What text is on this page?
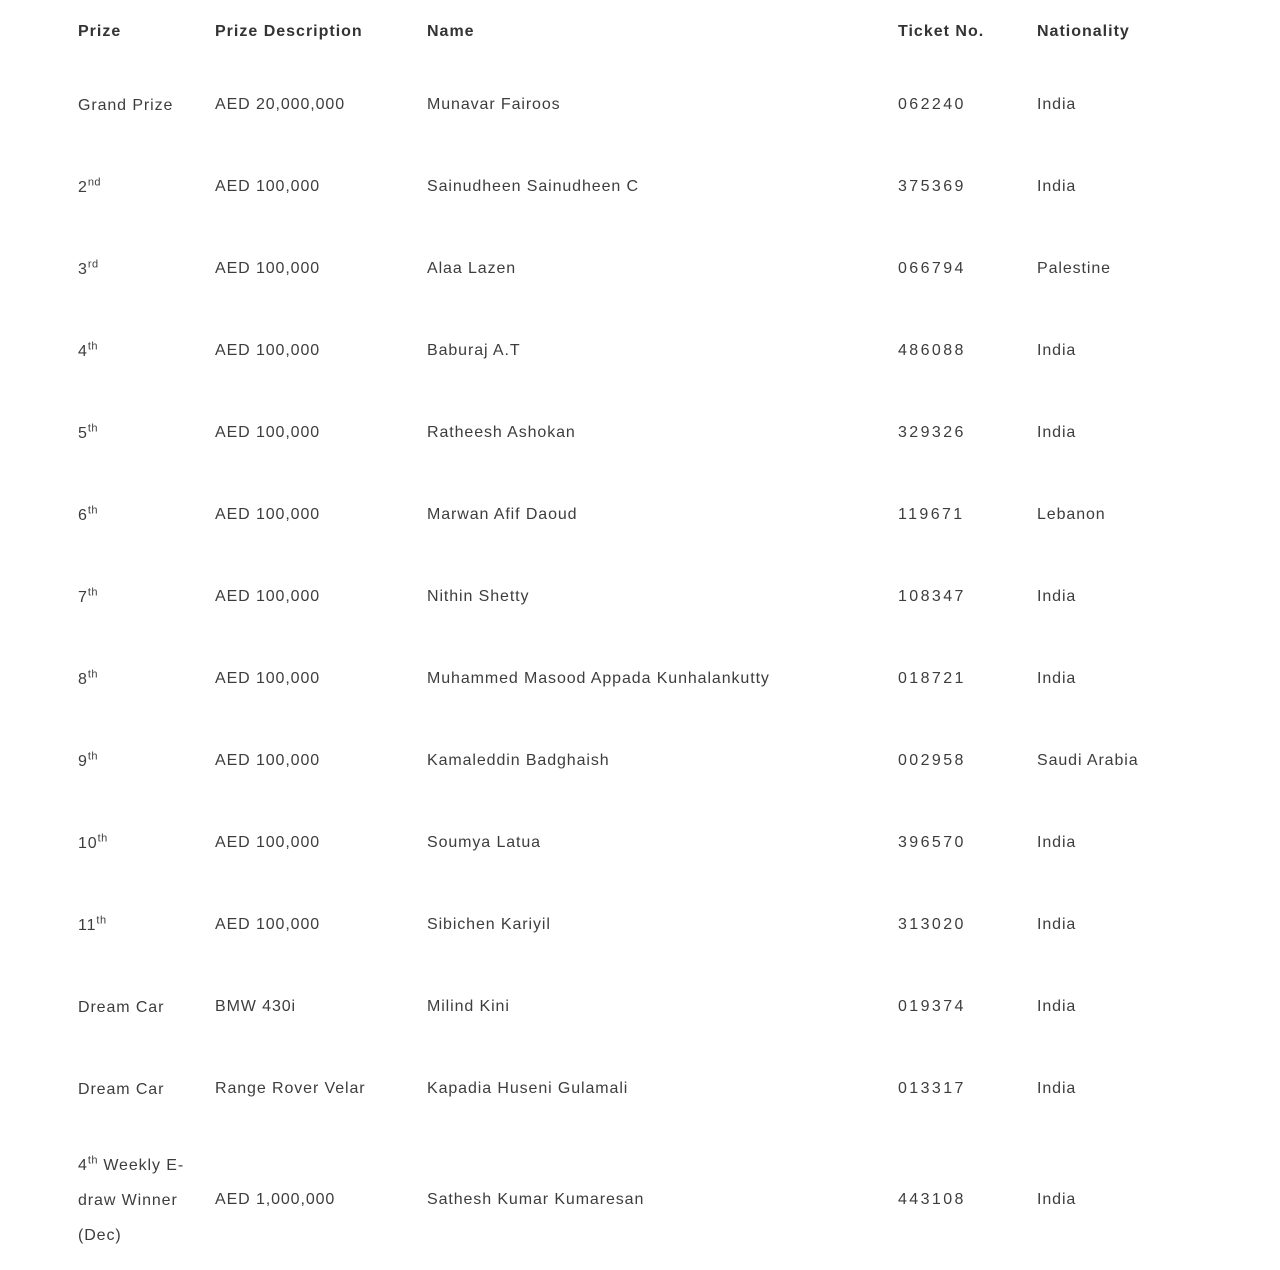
Prize	Prize Description	Name	Ticket No.	Nationality
Grand Prize	AED 20,000,000	Munavar Fairoos	062240	India
2nd	AED 100,000	Sainudheen Sainudheen C	375369	India
3rd	AED 100,000	Alaa Lazen	066794	Palestine
4th	AED 100,000	Baburaj A.T	486088	India
5th	AED 100,000	Ratheesh Ashokan	329326	India
6th	AED 100,000	Marwan Afif Daoud	119671	Lebanon
7th	AED 100,000	Nithin Shetty	108347	India
8th	AED 100,000	Muhammed Masood Appada Kunhalankutty	018721	India
9th	AED 100,000	Kamaleddin Badghaish	002958	Saudi Arabia
10th	AED 100,000	Soumya Latua	396570	India
11th	AED 100,000	Sibichen Kariyil	313020	India
Dream Car	BMW 430i	Milind Kini	019374	India
Dream Car	Range Rover Velar	Kapadia Huseni Gulamali	013317	India
4th Weekly E-draw Winner (Dec)	AED 1,000,000	Sathesh Kumar Kumaresan	443108	India
